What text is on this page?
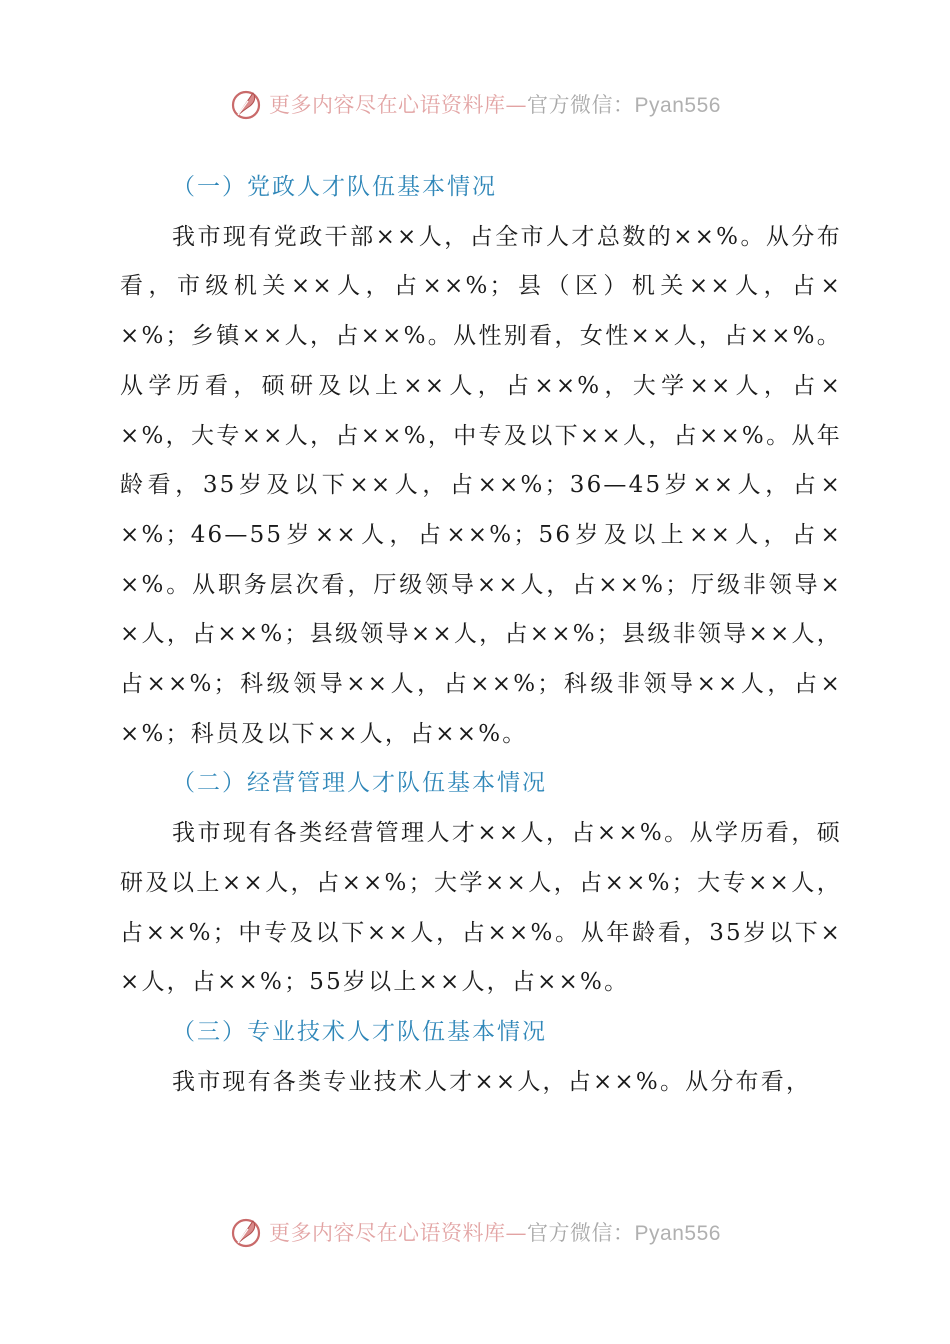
更多内容尽在心语资料库—官方微信：Pyan556
（一）党政人才队伍基本情况

我市现有党政干部××人，占全市人才总数的××%。从分布看，市级机关××人，占××%；县（区）机关××人，占××%；乡镇××人，占××%。从性别看，女性××人，占××%。从学历看，硕研及以上××人，占××%，大学××人，占××%，大专××人，占××%，中专及以下××人，占××%。从年龄看，35岁及以下××人，占××%；36—45岁××人，占××%；46—55岁××人，占××%；56岁及以上××人，占××%。从职务层次看，厅级领导××人，占××%；厅级非领导××人，占××%；县级领导××人，占××%；县级非领导××人，占××%；科级领导××人，占××%；科级非领导××人，占××%；科员及以下××人，占××%。

（二）经营管理人才队伍基本情况

我市现有各类经营管理人才××人，占××%。从学历看，硕研及以上××人，占××%；大学××人，占××%；大专××人，占××%；中专及以下××人，占××%。从年龄看，35岁以下××人，占××%；55岁以上××人，占××%。

（三）专业技术人才队伍基本情况

我市现有各类专业技术人才××人，占××%。从分布看，

更多内容尽在心语资料库—官方微信：Pyan556
